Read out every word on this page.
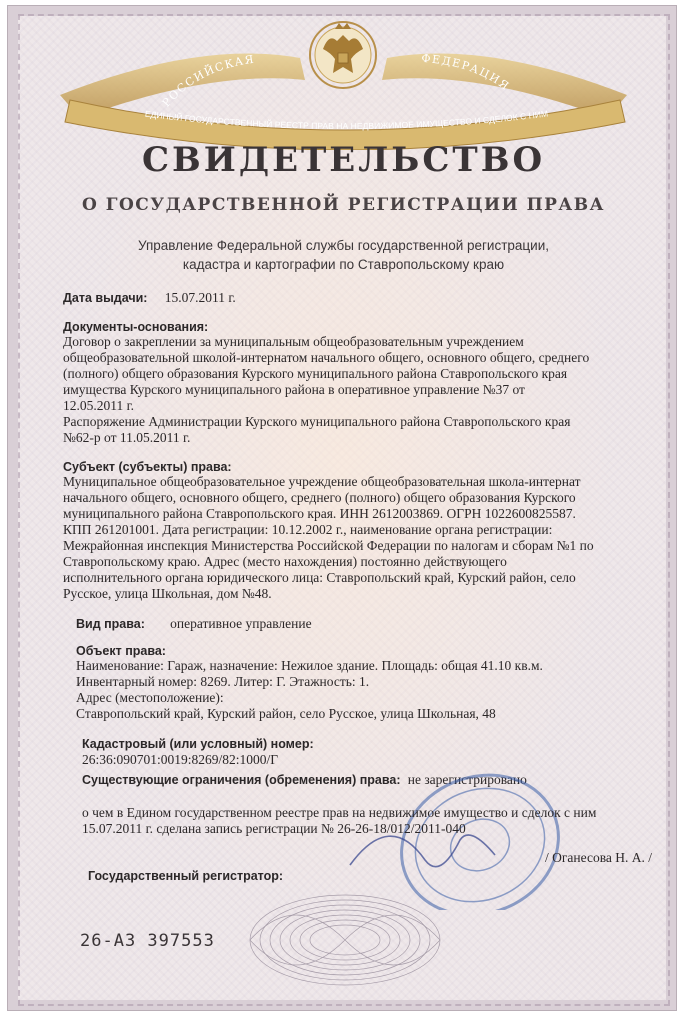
РОССИЙСКАЯ	ФЕДЕРАЦИЯ
ЕДИНЫЙ ГОСУДАРСТВЕННЫЙ РЕЕСТР ПРАВ НА НЕДВИЖИМОЕ ИМУЩЕСТВО И СДЕЛОК С НИМ
СВИДЕТЕЛЬСТВО
О ГОСУДАРСТВЕННОЙ РЕГИСТРАЦИИ ПРАВА
Управление Федеральной службы государственной регистрации,
кадастра и картографии по Ставропольскому краю
Дата выдачи: 15.07.2011 г.
Документы-основания:
Договор о закреплении за муниципальным общеобразовательным учреждением
общеобразовательной школой-интернатом начального общего, основного общего, среднего
(полного) общего образования Курского муниципального района Ставропольского края
имущества Курского муниципального района в оперативное управление №37 от
12.05.2011 г.
Распоряжение Администрации Курского муниципального района Ставропольского края
№62-р от 11.05.2011 г.
Субъект (субъекты) права:
Муниципальное общеобразовательное учреждение общеобразовательная школа-интернат
начального общего, основного общего, среднего (полного) общего образования Курского
муниципального района Ставропольского края. ИНН 2612003869. ОГРН 1022600825587.
КПП 261201001. Дата регистрации: 10.12.2002 г., наименование органа регистрации:
Межрайонная инспекция Министерства Российской Федерации по налогам и сборам №1 по
Ставропольскому краю. Адрес (место нахождения) постоянно действующего
исполнительного органа юридического лица: Ставропольский край, Курский район, село
Русское, улица Школьная, дом №48.
Вид права: оперативное управление
Объект права:
Наименование: Гараж, назначение: Нежилое здание. Площадь: общая 41.10 кв.м.
Инвентарный номер: 8269. Литер: Г. Этажность: 1.
Адрес (местоположение):
Ставропольский край, Курский район, село Русское, улица Школьная, 48
Кадастровый (или условный) номер:
26:36:090701:0019:8269/82:1000/Г
Существующие ограничения (обременения) права: не зарегистрировано
о чем в Едином государственном реестре прав на недвижимое имущество и сделок с ним
15.07.2011 г. сделана запись регистрации № 26-26-18/012/2011-040
Государственный регистратор:
/ Оганесова Н. А. /
26-АЗ 397553
